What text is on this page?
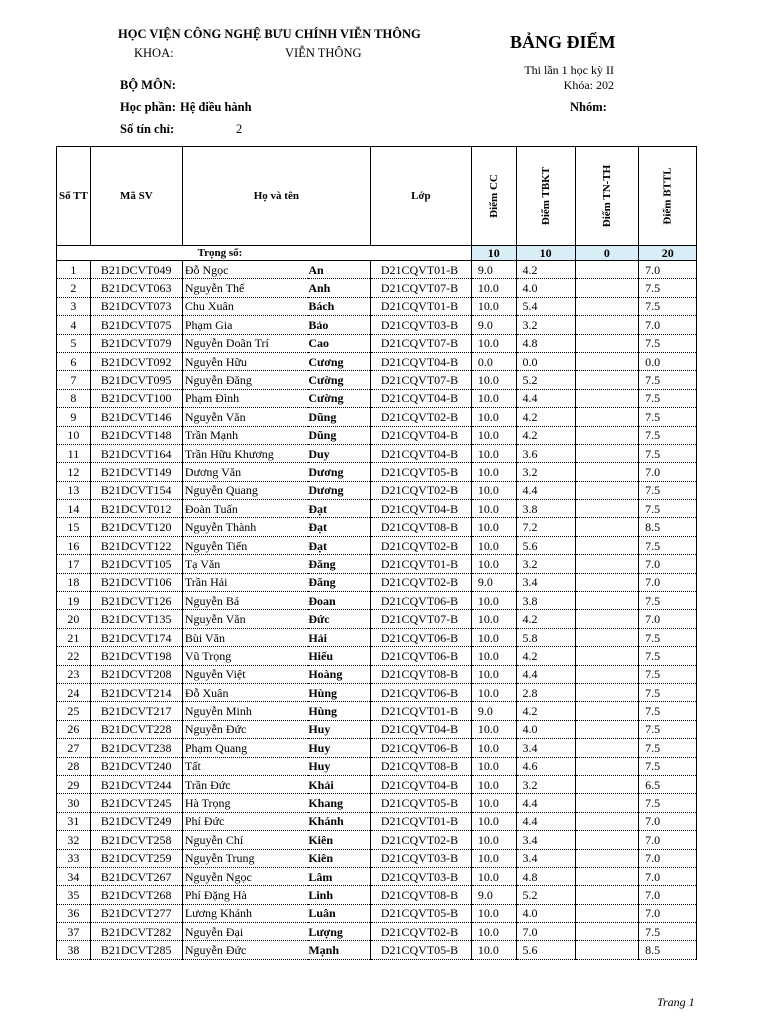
HỌC VIỆN CÔNG NGHỆ BƯU CHÍNH VIỄN THÔNG
KHOA:	VIỄN THÔNG
BẢNG ĐIỂM
Thi lần 1 học kỳ II
Khóa: 202
BỘ MÔN:
Học phần: Hệ điều hành	Nhóm:
Số tín chỉ:	2
Số TT	Mã SV	Họ và tên		Lớp	Điểm CC	Điểm TBKT	Điểm TN-TH	Điểm BTTL

Trọng số:					10	10	0	20
1	B21DCVT049	Đỗ Ngọc	An	D21CQVT01-B	9.0	4.2		7.0
2	B21DCVT063	Nguyễn Thế	Anh	D21CQVT07-B	10.0	4.0		7.5
3	B21DCVT073	Chu Xuân	Bách	D21CQVT01-B	10.0	5.4		7.5
4	B21DCVT075	Phạm Gia	Bảo	D21CQVT03-B	9.0	3.2		7.0
5	B21DCVT079	Nguyễn Doãn Trí	Cao	D21CQVT07-B	10.0	4.8		7.5
6	B21DCVT092	Nguyễn Hữu	Cương	D21CQVT04-B	0.0	0.0		0.0
7	B21DCVT095	Nguyễn Đăng	Cường	D21CQVT07-B	10.0	5.2		7.5
8	B21DCVT100	Phạm Đình	Cường	D21CQVT04-B	10.0	4.4		7.5
9	B21DCVT146	Nguyễn Văn	Dũng	D21CQVT02-B	10.0	4.2		7.5
10	B21DCVT148	Trần Mạnh	Dũng	D21CQVT04-B	10.0	4.2		7.5
11	B21DCVT164	Trần Hữu Khương	Duy	D21CQVT04-B	10.0	3.6		7.5
12	B21DCVT149	Dương Văn	Dương	D21CQVT05-B	10.0	3.2		7.0
13	B21DCVT154	Nguyễn Quang	Dương	D21CQVT02-B	10.0	4.4		7.5
14	B21DCVT012	Đoàn Tuấn	Đạt	D21CQVT04-B	10.0	3.8		7.5
15	B21DCVT120	Nguyễn Thành	Đạt	D21CQVT08-B	10.0	7.2		8.5
16	B21DCVT122	Nguyễn Tiến	Đạt	D21CQVT02-B	10.0	5.6		7.5
17	B21DCVT105	Tạ Văn	Đăng	D21CQVT01-B	10.0	3.2		7.0
18	B21DCVT106	Trần Hải	Đăng	D21CQVT02-B	9.0	3.4		7.0
19	B21DCVT126	Nguyễn Bá	Đoan	D21CQVT06-B	10.0	3.8		7.5
20	B21DCVT135	Nguyễn Văn	Đức	D21CQVT07-B	10.0	4.2		7.0
21	B21DCVT174	Bùi Văn	Hải	D21CQVT06-B	10.0	5.8		7.5
22	B21DCVT198	Vũ Trọng	Hiếu	D21CQVT06-B	10.0	4.2		7.5
23	B21DCVT208	Nguyễn Việt	Hoàng	D21CQVT08-B	10.0	4.4		7.5
24	B21DCVT214	Đỗ Xuân	Hùng	D21CQVT06-B	10.0	2.8		7.5
25	B21DCVT217	Nguyễn Minh	Hùng	D21CQVT01-B	9.0	4.2		7.5
26	B21DCVT228	Nguyễn Đức	Huy	D21CQVT04-B	10.0	4.0		7.5
27	B21DCVT238	Phạm Quang	Huy	D21CQVT06-B	10.0	3.4		7.5
28	B21DCVT240	Tất	Huy	D21CQVT08-B	10.0	4.6		7.5
29	B21DCVT244	Trần Đức	Khải	D21CQVT04-B	10.0	3.2		6.5
30	B21DCVT245	Hà Trọng	Khang	D21CQVT05-B	10.0	4.4		7.5
31	B21DCVT249	Phí Đức	Khánh	D21CQVT01-B	10.0	4.4		7.0
32	B21DCVT258	Nguyễn Chí	Kiên	D21CQVT02-B	10.0	3.4		7.0
33	B21DCVT259	Nguyễn Trung	Kiên	D21CQVT03-B	10.0	3.4		7.0
34	B21DCVT267	Nguyễn Ngọc	Lâm	D21CQVT03-B	10.0	4.8		7.0
35	B21DCVT268	Phí Đặng Hà	Linh	D21CQVT08-B	9.0	5.2		7.0
36	B21DCVT277	Lương Khánh	Luân	D21CQVT05-B	10.0	4.0		7.0
37	B21DCVT282	Nguyễn Đại	Lượng	D21CQVT02-B	10.0	7.0		7.5
38	B21DCVT285	Nguyễn Đức	Mạnh	D21CQVT05-B	10.0	5.6		8.5
Trang 1
